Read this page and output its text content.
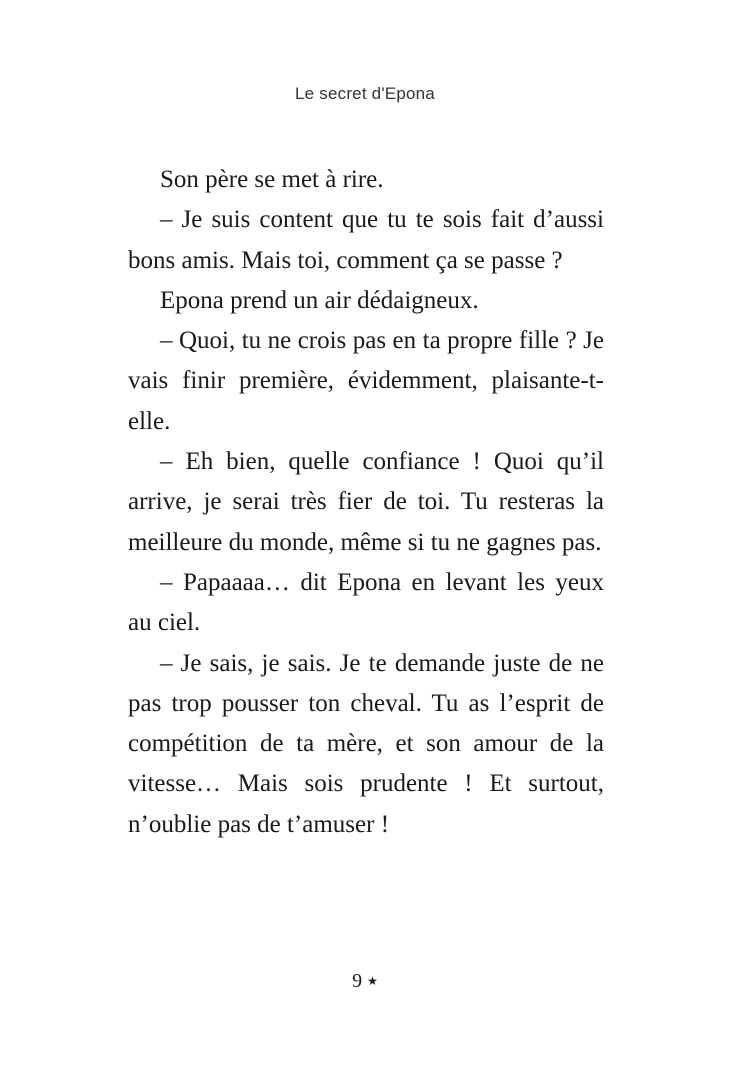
Le secret d'Epona

Son père se met à rire.

– Je suis content que tu te sois fait d’aussi bons amis. Mais toi, comment ça se passe ?

Epona prend un air dédaigneux.

– Quoi, tu ne crois pas en ta propre fille ? Je vais finir première, évidemment, plaisante-t-elle.

– Eh bien, quelle confiance ! Quoi qu’il arrive, je serai très fier de toi. Tu resteras la meilleure du monde, même si tu ne gagnes pas.

– Papaaaa… dit Epona en levant les yeux au ciel.

– Je sais, je sais. Je te demande juste de ne pas trop pousser ton cheval. Tu as l’esprit de compétition de ta mère, et son amour de la vitesse… Mais sois prudente ! Et surtout, n’oublie pas de t’amuser !

9 ★
